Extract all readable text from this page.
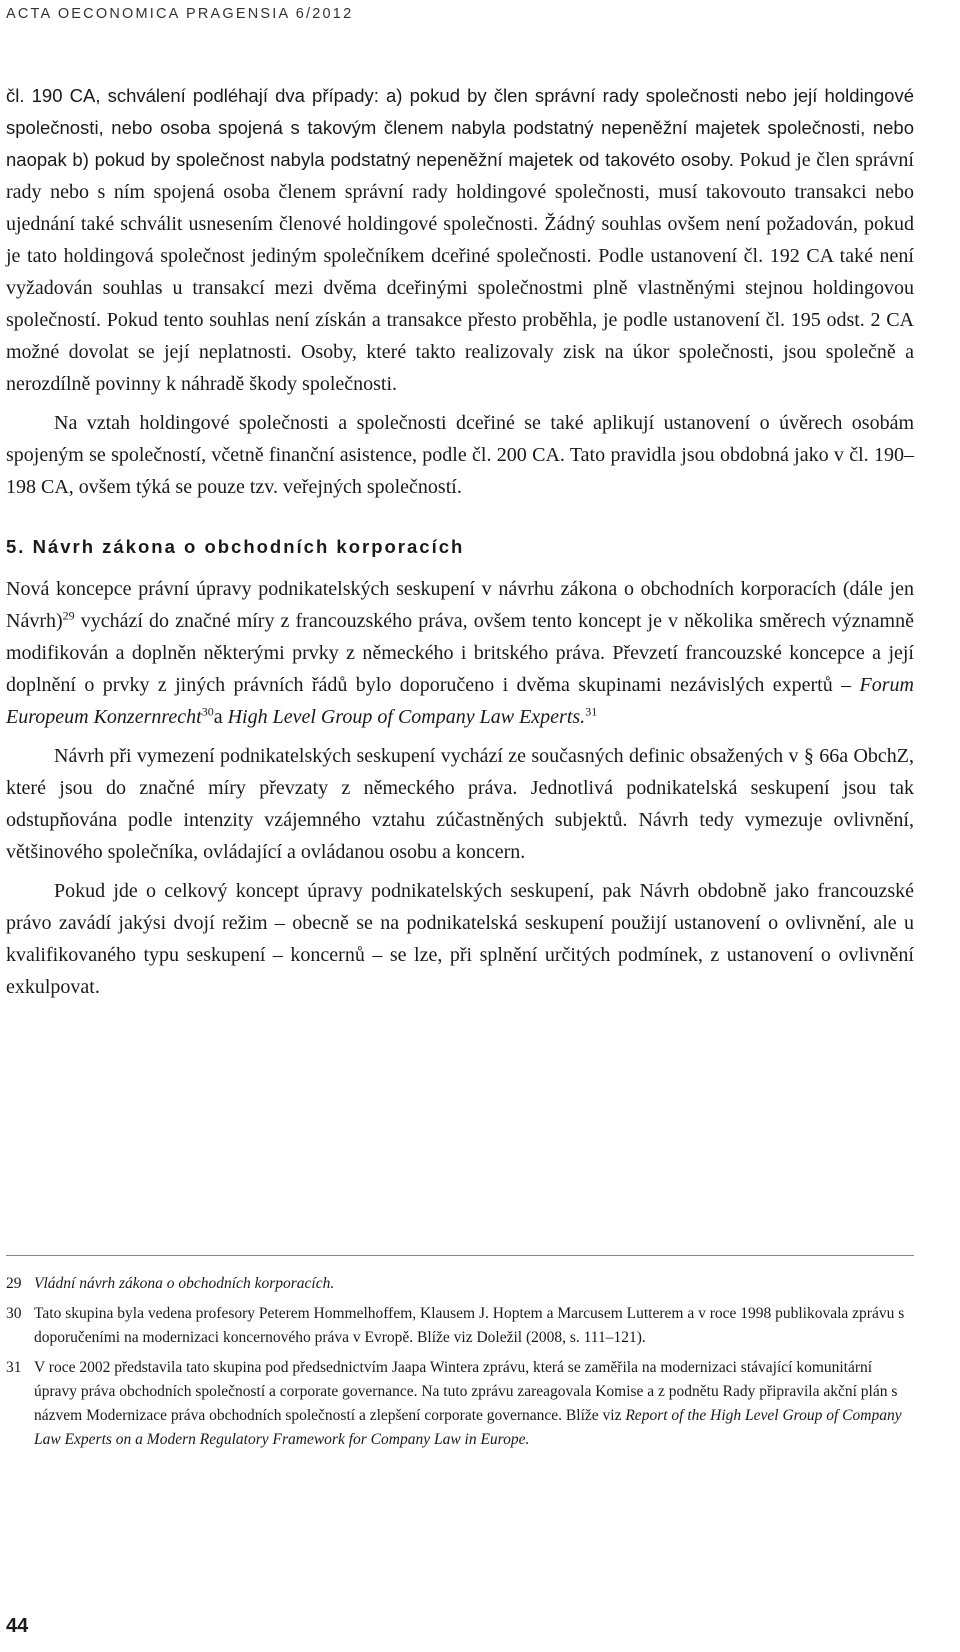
ACTA OECONOMICA PRAGENSIA 6/2012

čl. 190 CA, schválení podléhají dva případy: a) pokud by člen správní rady společnosti nebo její holdingové společnosti, nebo osoba spojená s takovým členem nabyla podstatný nepeněžní majetek společnosti, nebo naopak b) pokud by společnost nabyla podstatný nepeněžní majetek od takovéto osoby. Pokud je člen správní rady nebo s ním spojená osoba členem správní rady holdingové společnosti, musí takovouto transakci nebo ujednání také schválit usnesením členové holdingové společnosti. Žádný souhlas ovšem není požadován, pokud je tato holdingová společnost jediným společníkem dceřiné společnosti. Podle ustanovení čl. 192 CA také není vyžadován souhlas u transakcí mezi dvěma dceřinými společnostmi plně vlastněnými stejnou holdingovou společností. Pokud tento souhlas není získán a transakce přesto proběhla, je podle ustanovení čl. 195 odst. 2 CA možné dovolat se její neplatnosti. Osoby, které takto realizovaly zisk na úkor společnosti, jsou společně a nerozdílně povinny k náhradě škody společnosti.

Na vztah holdingové společnosti a společnosti dceřiné se také aplikují ustanovení o úvěrech osobám spojeným se společností, včetně finanční asistence, podle čl. 200 CA. Tato pravidla jsou obdobná jako v čl. 190–198 CA, ovšem týká se pouze tzv. veřejných společností.

5. Návrh zákona o obchodních korporacích

Nová koncepce právní úpravy podnikatelských seskupení v návrhu zákona o obchodních korporacích (dále jen Návrh)$^{29}$ vychází do značné míry z francouzského práva, ovšem tento koncept je v několika směrech významně modifikován a doplněn některými prvky z německého i britského práva. Převzetí francouzské koncepce a její doplnění o prvky z jiných právních řádů bylo doporučeno i dvěma skupinami nezávislých expertů – Forum Europeum Konzernrecht$^{30}$a High Level Group of Company Law Experts.$^{31}$

Návrh při vymezení podnikatelských seskupení vychází ze současných definic obsažených v § 66a ObchZ, které jsou do značné míry převzaty z německého práva. Jednotlivá podnikatelská seskupení jsou tak odstupňována podle intenzity vzájemného vztahu zúčastněných subjektů. Návrh tedy vymezuje ovlivnění, většinového společníka, ovládající a ovládanou osobu a koncern.

Pokud jde o celkový koncept úpravy podnikatelských seskupení, pak Návrh obdobně jako francouzské právo zavádí jakýsi dvojí režim – obecně se na podnikatelská seskupení použijí ustanovení o ovlivnění, ale u kvalifikovaného typu seskupení – koncernů – se lze, při splnění určitých podmínek, z ustanovení o ovlivnění exkulpovat.

29 Vládní návrh zákona o obchodních korporacích.
30 Tato skupina byla vedena profesory Peterem Hommelhoffem, Klausem J. Hoptem a Marcusem Lutterem a v roce 1998 publikovala zprávu s doporučeními na modernizaci koncernového práva v Evropě. Blíže viz Doležil (2008, s. 111–121).
31 V roce 2002 představila tato skupina pod předsednictvím Jaapa Wintera zprávu, která se zaměřila na modernizaci stávající komunitární úpravy práva obchodních společností a corporate governance. Na tuto zprávu zareagovala Komise a z podnětu Rady připravila akční plán s názvem Modernizace práva obchodních společností a zlepšení corporate governance. Blíže viz Report of the High Level Group of Company Law Experts on a Modern Regulatory Framework for Company Law in Europe.
44
